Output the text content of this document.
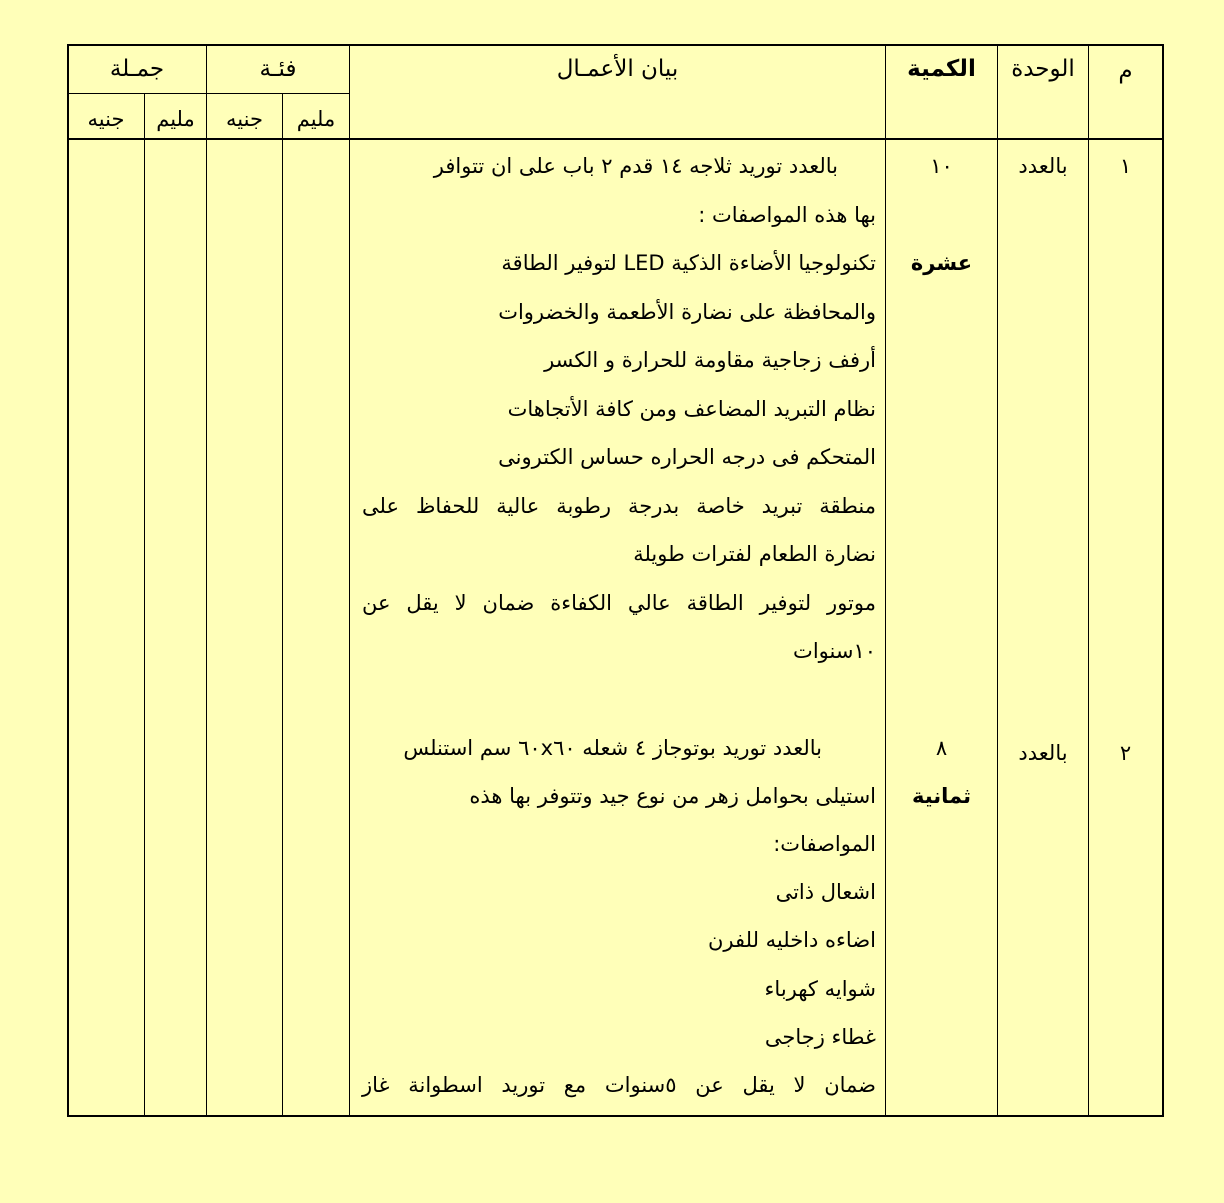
م
الوحدة
الكمية
بيان الأعمـال
فئـة
جمـلة
مليم
جنيه
مليم
جنيه
١
بالعدد
١٠
عشرة
بالعدد توريد ثلاجه ١٤ قدم ٢ باب على ان تتوافر
بها هذه المواصفات :
تكنولوجيا الأضاءة الذكية LED لتوفير الطاقة
والمحافظة على نضارة الأطعمة والخضروات
أرفف زجاجية مقاومة للحرارة و الكسر
نظام التبريد المضاعف ومن كافة الأتجاهات
المتحكم فى درجه الحراره حساس الكترونى
منطقة تبريد خاصة بدرجة رطوبة عالية للحفاظ على
نضارة الطعام لفترات طويلة
موتور لتوفير الطاقة عالي الكفاءة ضمان لا يقل عن
١٠سنوات
٢
بالعدد
٨
ثمانية
بالعدد توريد بوتوجاز ٤ شعله ٦٠x٦٠ سم استنلس
استيلى بحوامل زهر من نوع جيد وتتوفر بها هذه
المواصفات:
اشعال ذاتى
اضاءه داخليه للفرن
شوايه كهرباء
غطاء زجاجى
ضمان لا يقل عن ٥سنوات مع توريد اسطوانة غاز
